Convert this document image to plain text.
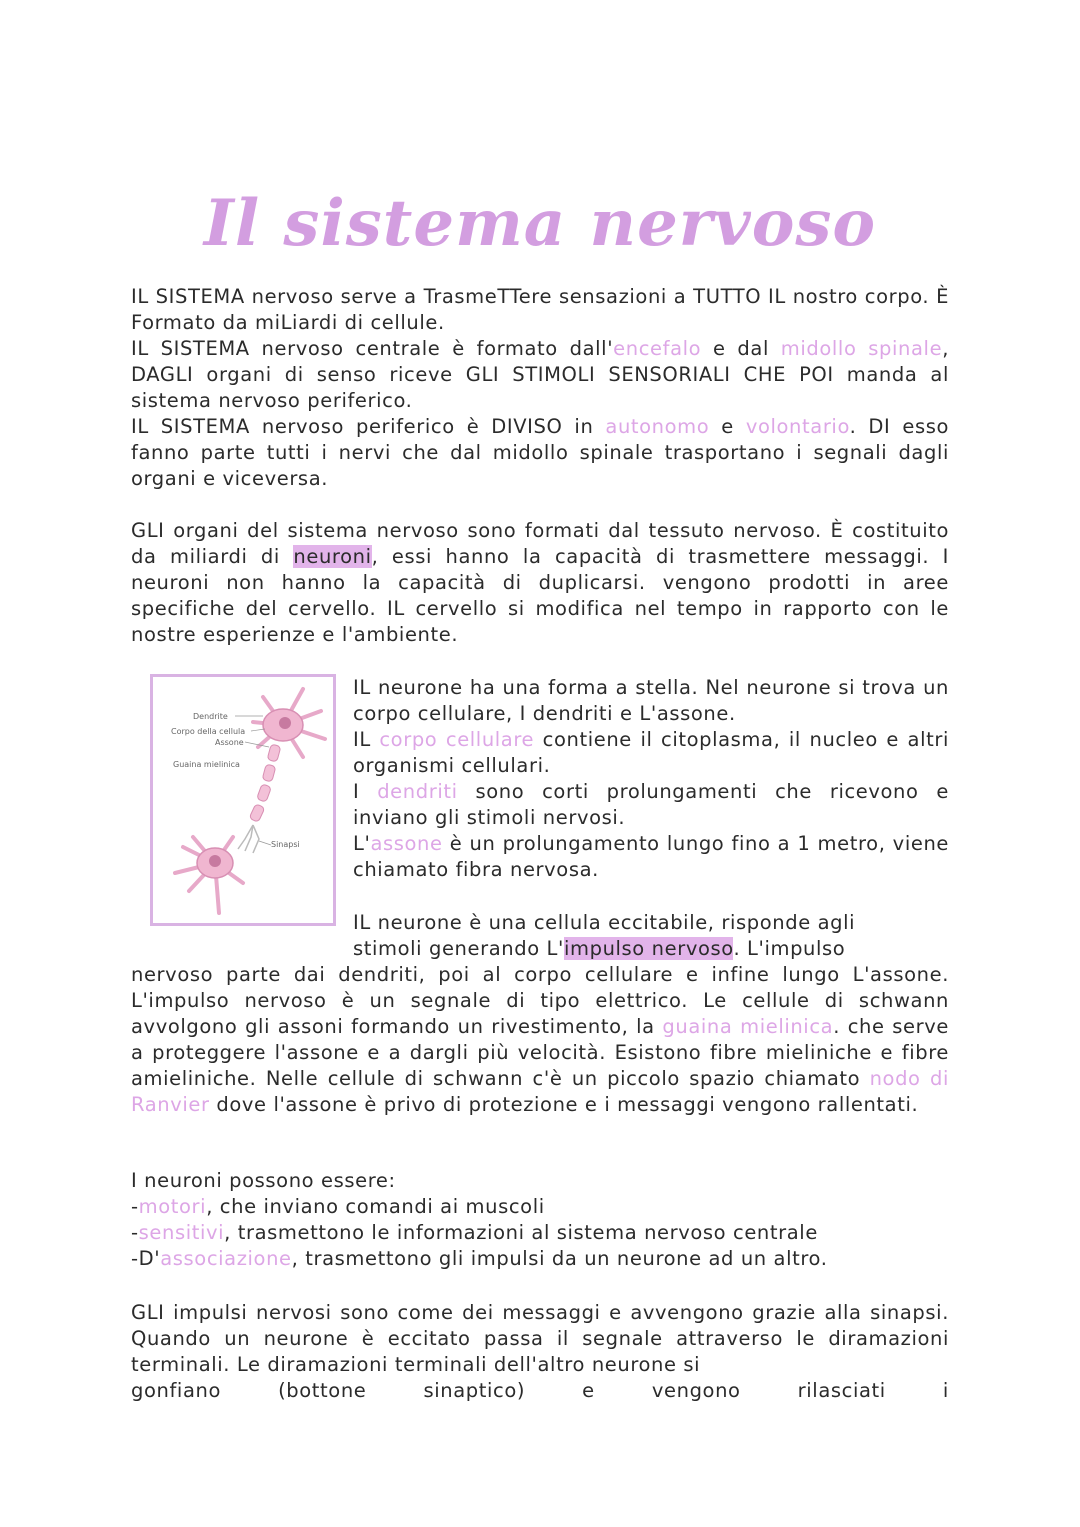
Il sistema nervoso

IL SISTEMA nervoso serve a TrasmeTTere sensazioni a TUTTO IL nostro corpo. È Formato da miLiardi di cellule.

IL SISTEMA nervoso centrale è formato dall'encefalo e dal midollo spinale, DAGLI organi di senso riceve GLI STIMOLI SENSORIALI CHE POI manda al sistema nervoso periferico.

IL SISTEMA nervoso periferico è DIVISO in autonomo e volontario. DI esso fanno parte tutti i nervi che dal midollo spinale trasportano i segnali dagli organi e viceversa.

GLI organi del sistema nervoso sono formati dal tessuto nervoso. È costituito da miliardi di neuroni, essi hanno la capacità di trasmettere messaggi. I neuroni non hanno la capacità di duplicarsi. vengono prodotti in aree specifiche del cervello. IL cervello si modifica nel tempo in rapporto con le nostre esperienze e l'ambiente.

Dendrite
Corpo della cellula
Assone
Guaina mielinica
Sinapsi

IL neurone ha una forma a stella. Nel neurone si trova un corpo cellulare, I dendriti e L'assone.

IL corpo cellulare contiene il citoplasma, il nucleo e altri organismi cellulari.

I dendriti sono corti prolungamenti che ricevono e inviano gli stimoli nervosi.

L'assone è un prolungamento lungo fino a 1 metro, viene chiamato fibra nervosa.

IL neurone è una cellula eccitabile, risponde agli

stimoli generando L'impulso nervoso. L'impulso

nervoso parte dai dendriti, poi al corpo cellulare e infine lungo L'assone. L'impulso nervoso è un segnale di tipo elettrico. Le cellule di schwann avvolgono gli assoni formando un rivestimento, la guaina mielinica. che serve a proteggere l'assone e a dargli più velocità. Esistono fibre mieliniche e fibre amieliniche. Nelle cellule di schwann c'è un piccolo spazio chiamato nodo di Ranvier dove l'assone è privo di protezione e i messaggi vengono rallentati.

I neuroni possono essere:

-motori, che inviano comandi ai muscoli

-sensitivi, trasmettono le informazioni al sistema nervoso centrale

-D'associazione, trasmettono gli impulsi da un neurone ad un altro.

GLI impulsi nervosi sono come dei messaggi e avvengono grazie alla sinapsi. Quando un neurone è eccitato passa il segnale attraverso le diramazioni terminali. Le diramazioni terminali dell'altro neurone si

gonfiano	(bottone	sinaptico)	e	vengono	rilasciati	i
